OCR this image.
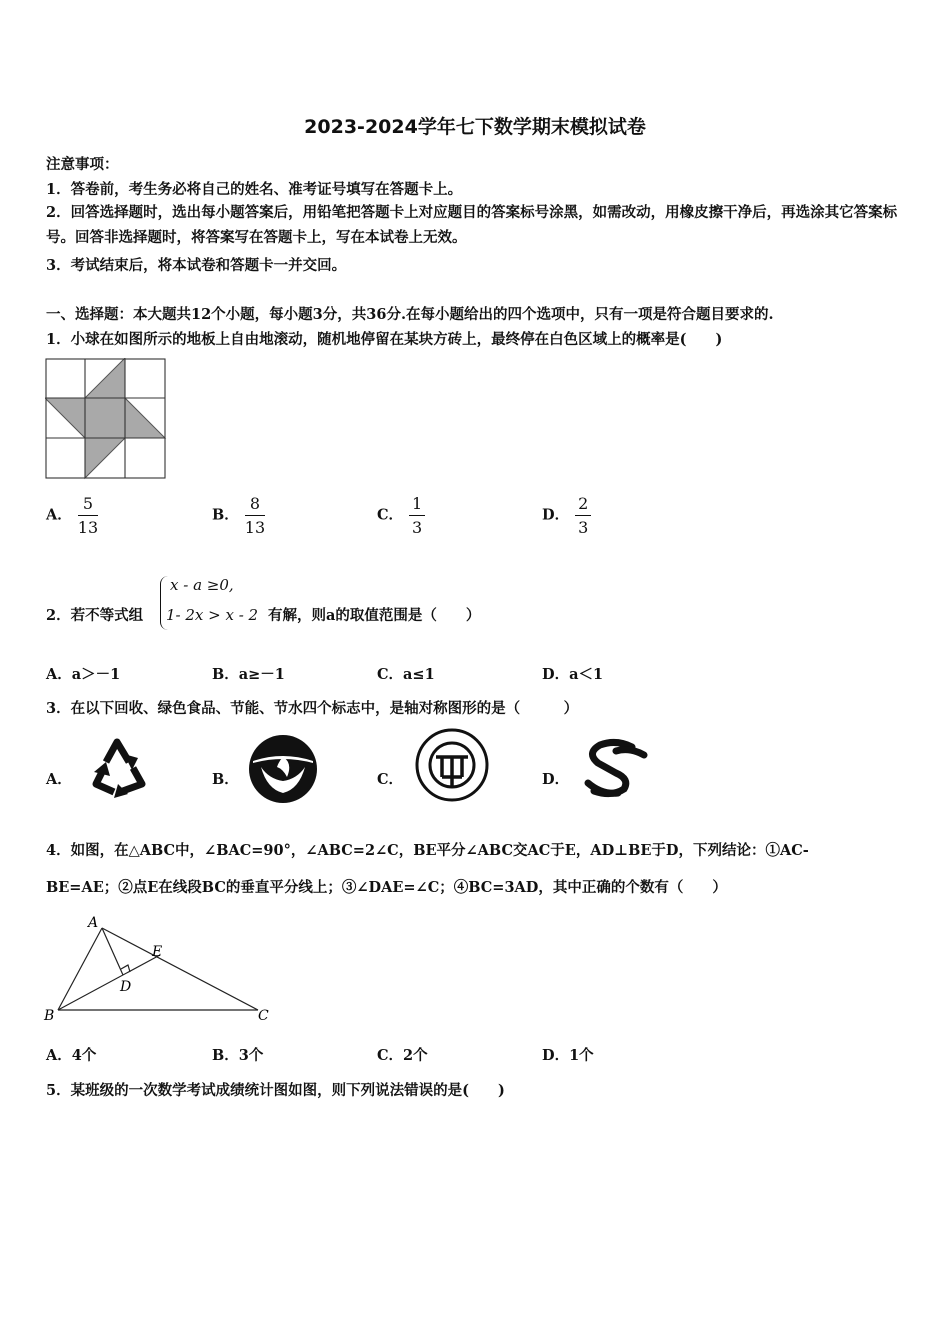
2023-2024学年七下数学期末模拟试卷
注意事项：
1．答卷前，考生务必将自己的姓名、准考证号填写在答题卡上。
2．回答选择题时，选出每小题答案后，用铅笔把答题卡上对应题目的答案标号涂黑，如需改动，用橡皮擦干净后，再选涂其它答案标号。回答非选择题时，将答案写在答题卡上，写在本试卷上无效。
3．考试结束后，将本试卷和答题卡一并交回。
一、选择题：本大题共12个小题，每小题3分，共36分.在每小题给出的四个选项中，只有一项是符合题目要求的.
1．小球在如图所示的地板上自由地滚动，随机地停留在某块方砖上，最终停在白色区域上的概率是(　　)
A． $\frac{5}{13}$	B． $\frac{8}{13}$	C． $\frac{1}{3}$	D． $\frac{2}{3}$
2．若不等式组
x - a ≥0,
1- 2x > x - 2 有解，则a的取值范围是（　　）
A．a＞－1	B．a≥－1	C．a≤1	D．a＜1
3．在以下回收、绿色食品、节能、节水四个标志中，是轴对称图形的是（　　　）
A．	B．	C．	D．
4．如图，在△ABC中，∠BAC=90°，∠ABC=2∠C，BE平分∠ABC交AC于E，AD⊥BE于D，下列结论：①AC-
BE=AE；②点E在线段BC的垂直平分线上；③∠DAE=∠C；④BC=3AD，其中正确的个数有（　　）
A
B	C
D
E
A．4个	B．3个	C．2个	D．1个
5．某班级的一次数学考试成绩统计图如图，则下列说法错误的是(　　)
